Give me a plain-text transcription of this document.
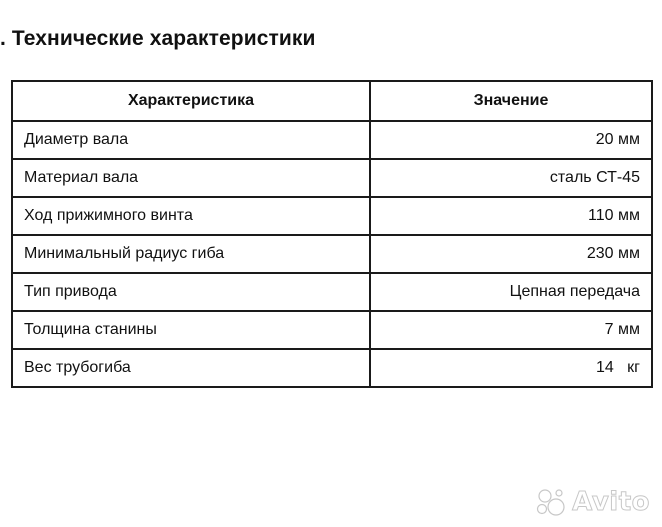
. Технические характеристики
Характеристика	Значение
Диаметр вала	20 мм
Материал вала	сталь СТ-45
Ход прижимного винта	110 мм
Минимальный радиус гиба	230 мм
Тип привода	Цепная передача
Толщина станины	7 мм
Вес трубогиба	14   кг
Avito
